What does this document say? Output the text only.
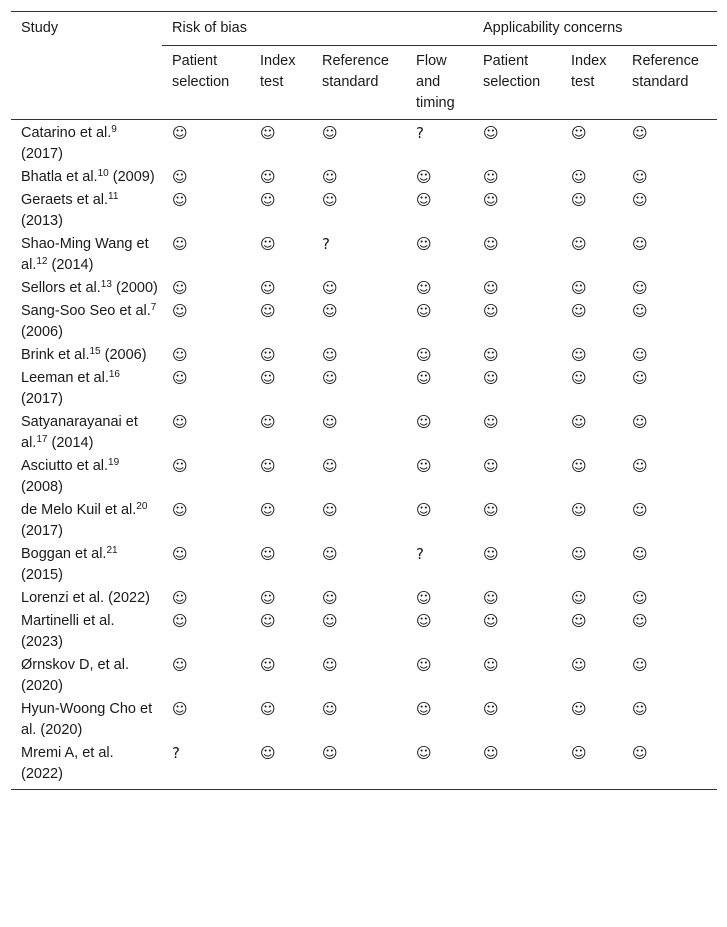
Study	Risk of bias				Applicability concerns		
	Patient selection	Index test	Reference standard	Flow and timing	Patient selection	Index test	Reference standard
Catarino et al.$^9$ (2017)	☺	☺	☺	?	☺	☺	☺
Bhatla et al.$^{10}$ (2009)	☺	☺	☺	☺	☺	☺	☺
Geraets et al.$^{11}$ (2013)	☺	☺	☺	☺	☺	☺	☺
Shao-Ming Wang et al.$^{12}$ (2014)	☺	☺	?	☺	☺	☺	☺
Sellors et al.$^{13}$ (2000)	☺	☺	☺	☺	☺	☺	☺
Sang-Soo Seo et al.$^7$ (2006)	☺	☺	☺	☺	☺	☺	☺
Brink et al.$^{15}$ (2006)	☺	☺	☺	☺	☺	☺	☺
Leeman et al.$^{16}$ (2017)	☺	☺	☺	☺	☺	☺	☺
Satyanarayanai et al.$^{17}$ (2014)	☺	☺	☺	☺	☺	☺	☺
Asciutto et al.$^{19}$ (2008)	☺	☺	☺	☺	☺	☺	☺
de Melo Kuil et al.$^{20}$ (2017)	☺	☺	☺	☺	☺	☺	☺
Boggan et al.$^{21}$ (2015)	☺	☺	☺	?	☺	☺	☺
Lorenzi et al. (2022)	☺	☺	☺	☺	☺	☺	☺
Martinelli et al. (2023)	☺	☺	☺	☺	☺	☺	☺
Ørnskov D, et al. (2020)	☺	☺	☺	☺	☺	☺	☺
Hyun-Woong Cho et al. (2020)	☺	☺	☺	☺	☺	☺	☺
Mremi A, et al. (2022)	?	☺	☺	☺	☺	☺	☺
